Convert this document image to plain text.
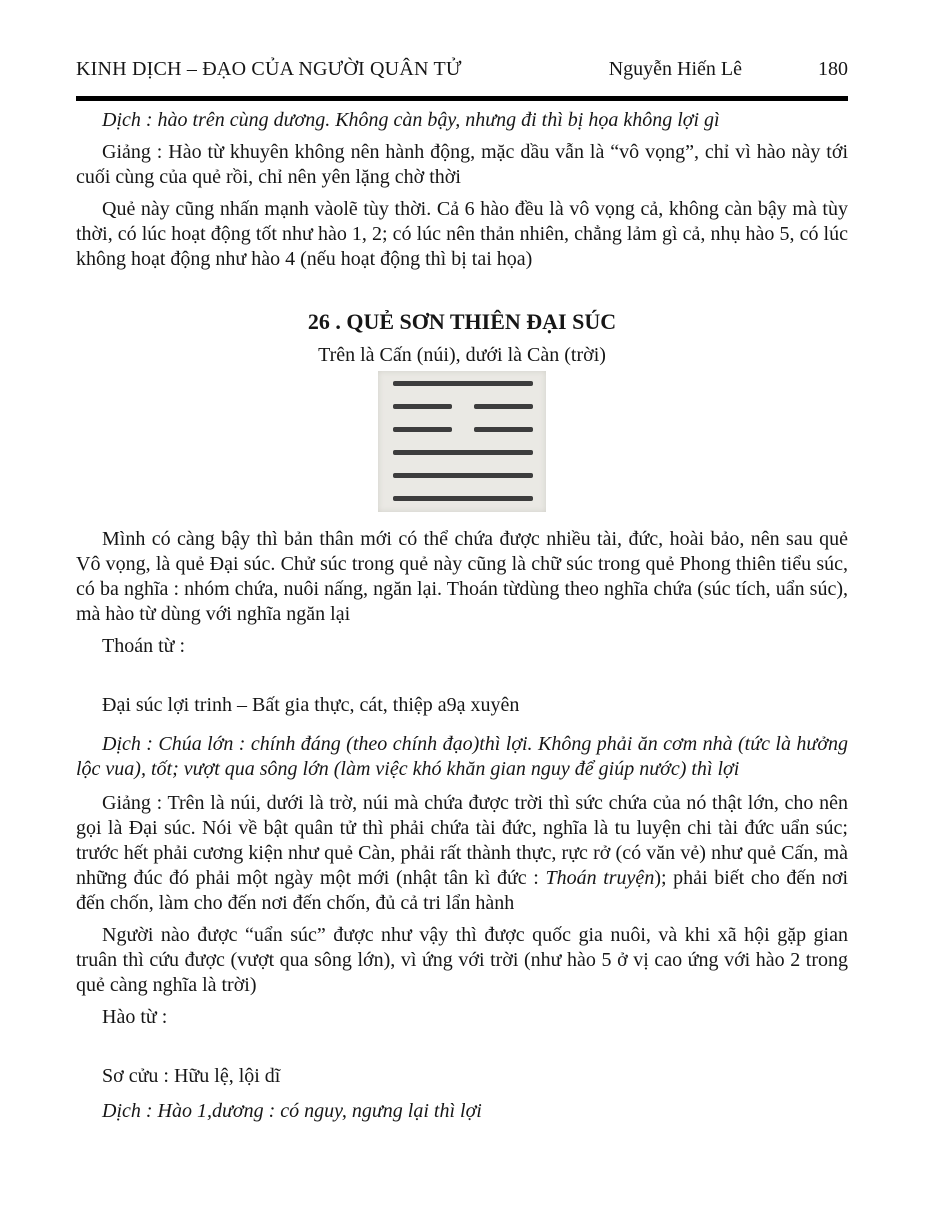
KINH DỊCH – ĐẠO CỦA NGƯỜI QUÂN TỬ	Nguyễn Hiến Lê	180

Dịch : hào trên cùng dương. Không càn bậy, nhưng đi thì bị họa không lợi gì

Giảng : Hào từ khuyên không nên hành động, mặc dầu vẫn là “vô vọng”, chỉ vì hào này tới cuối cùng của quẻ rồi, chỉ nên yên lặng chờ thời

Quẻ này cũng nhấn mạnh vàolẽ tùy thời. Cả 6 hào đều là vô vọng cả, không càn bậy mà tùy thời, có lúc hoạt động tốt như hào 1, 2; có lúc nên thản nhiên, chẳng lảm gì cả, nhụ hào 5, có lúc không hoạt động như hào 4 (nếu hoạt động thì bị tai họa)

26 . QUẺ SƠN THIÊN ĐẠI SÚC

Trên là Cấn (núi), dưới là Càn (trời)

Mình có càng bậy thì bản thân mới có thể chứa được nhiều tài, đức, hoài bảo, nên sau quẻ Vô vọng, là quẻ Đại súc. Chử súc trong quẻ này cũng là chữ súc trong quẻ Phong thiên tiểu súc, có ba nghĩa : nhóm chứa, nuôi nấng, ngăn lại. Thoán từdùng theo nghĩa chứa (súc tích, uẩn súc), mà hào từ dùng với nghĩa ngăn lại

Thoán từ :

Đại súc lợi trinh – Bất gia thực, cát, thiệp a9ạ xuyên

Dịch : Chúa lớn : chính đáng (theo chính đạo)thì lợi. Không phải ăn cơm nhà (tức là hưởng lộc vua), tốt; vượt qua sông lớn (làm việc khó khăn gian nguy để giúp nước) thì lợi

Giảng : Trên là núi, dưới là trờ, núi mà chứa được trời thì sức chứa của nó thật lớn, cho nên gọi là Đại súc. Nói về bật quân tử thì phải chứa tài đức, nghĩa là tu luyện chi tài đức uẩn súc; trước hết phải cương kiện như quẻ Càn, phải rất thành thực, rực rở (có văn vẻ) như quẻ Cấn, mà những đúc đó phải một ngày một mới (nhật tân kì đức : Thoán truyện); phải biết cho đến nơi đến chốn, làm cho đến nơi đến chốn, đủ cả tri lẩn hành

Người nào được “uẩn súc” được như vậy thì được quốc gia nuôi, và khi xã hội gặp gian truân thì cứu được (vượt qua sông lớn), vì ứng với trời (như hào 5 ở vị cao ứng với hào 2 trong quẻ càng nghĩa là trời)

Hào từ :

Sơ cửu : Hữu lệ, lội dĩ

Dịch : Hào 1,dương : có nguy, ngưng lại thì lợi
